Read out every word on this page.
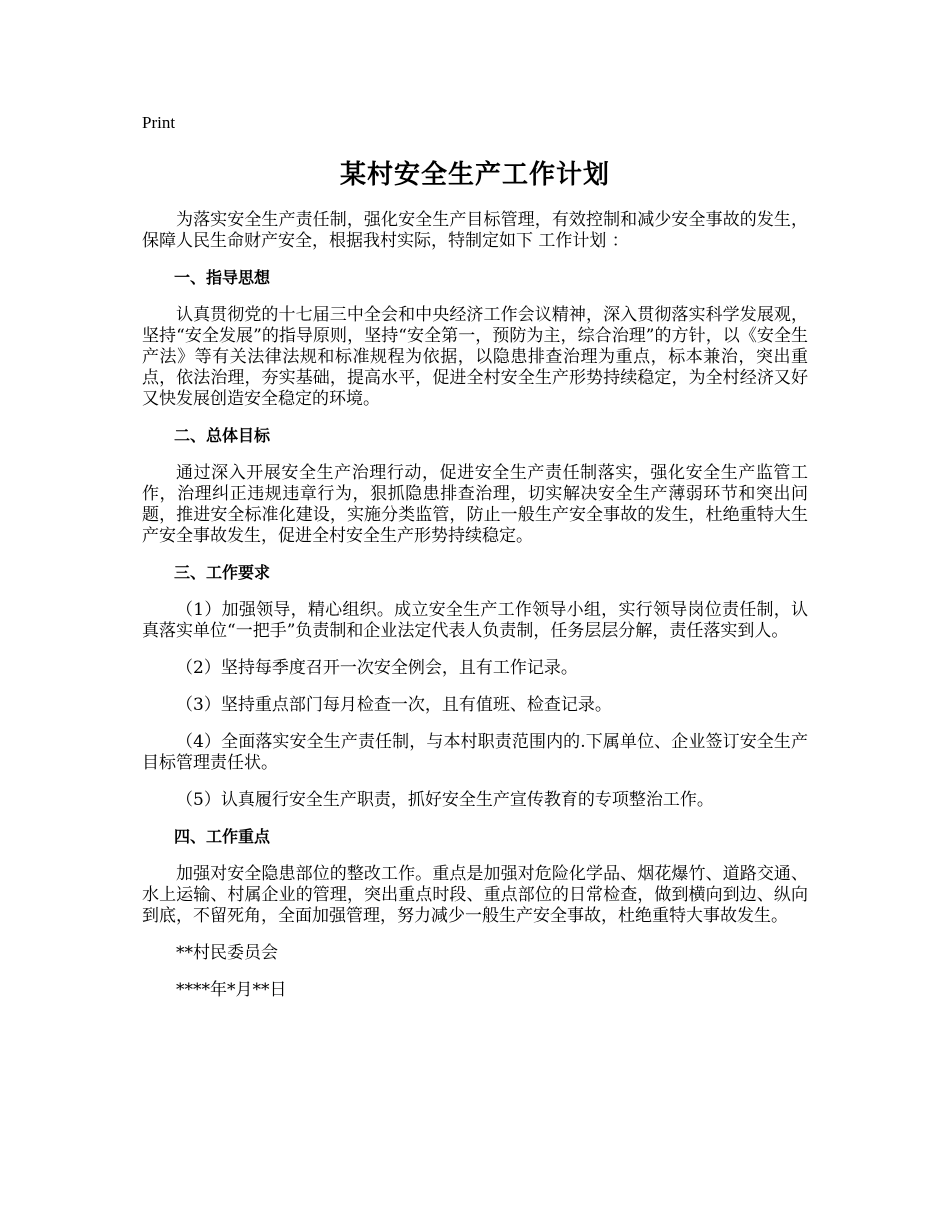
Print
某村安全生产工作计划

为落实安全生产责任制，强化安全生产目标管理，有效控制和减少安全事故的发生，保障人民生命财产安全，根据我村实际，特制定如下 工作计划 ：

一、指导思想

认真贯彻党的十七届三中全会和中央经济工作会议精神，深入贯彻落实科学发展观，坚持“安全发展”的指导原则，坚持“安全第一，预防为主，综合治理”的方针，以《安全生产法》等有关法律法规和标准规程为依据，以隐患排查治理为重点，标本兼治，突出重点，依法治理，夯实基础，提高水平，促进全村安全生产形势持续稳定，为全村经济又好又快发展创造安全稳定的环境。

二、总体目标

通过深入开展安全生产治理行动，促进安全生产责任制落实，强化安全生产监管工作，治理纠正违规违章行为，狠抓隐患排查治理，切实解决安全生产薄弱环节和突出问题，推进安全标准化建设，实施分类监管，防止一般生产安全事故的发生，杜绝重特大生产安全事故发生，促进全村安全生产形势持续稳定。

三、工作要求

（1）加强领导，精心组织。成立安全生产工作领导小组，实行领导岗位责任制，认真落实单位“一把手”负责制和企业法定代表人负责制，任务层层分解，责任落实到人。

（2）坚持每季度召开一次安全例会，且有工作记录。

（3）坚持重点部门每月检查一次，且有值班、检查记录。

（4）全面落实安全生产责任制，与本村职责范围内的.下属单位、企业签订安全生产目标管理责任状。

（5）认真履行安全生产职责，抓好安全生产宣传教育的专项整治工作。

四、工作重点

加强对安全隐患部位的整改工作。重点是加强对危险化学品、烟花爆竹、道路交通、水上运输、村属企业的管理，突出重点时段、重点部位的日常检查，做到横向到边、纵向到底，不留死角，全面加强管理，努力减少一般生产安全事故，杜绝重特大事故发生。

**村民委员会

****年*月**日
